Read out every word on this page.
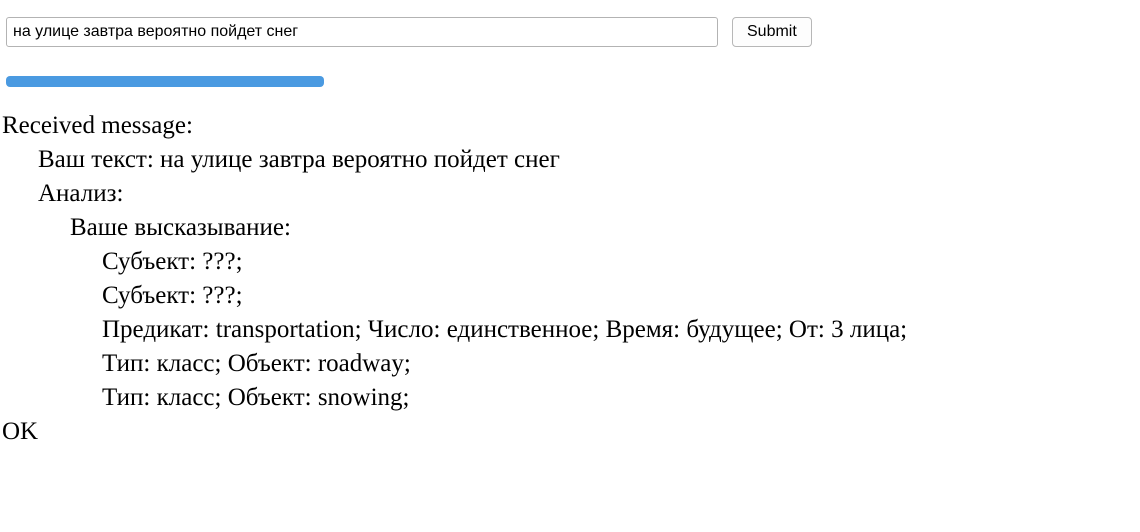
на улице завтра вероятно пойдет снег
Submit
Received message:
Ваш текст: на улице завтра вероятно пойдет снег
Анализ:
Ваше высказывание:
Субъект: ???;
Субъект: ???;
Предикат: transportation; Число: единственное; Время: будущее; От: 3 лица;
Тип: класс; Объект: roadway;
Тип: класс; Объект: snowing;
OK
